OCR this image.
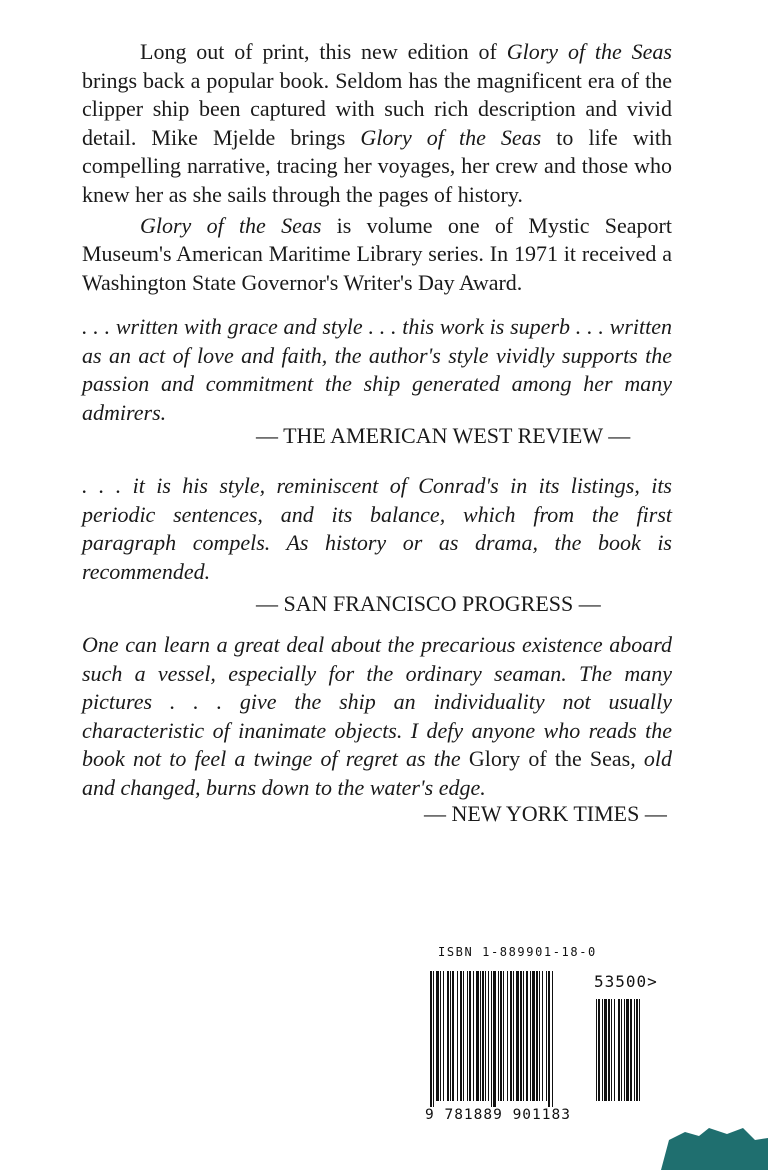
Long out of print, this new edition of Glory of the Seas brings back a popular book. Seldom has the magnificent era of the clipper ship been captured with such rich description and vivid detail. Mike Mjelde brings Glory of the Seas to life with compelling narrative, tracing her voyages, her crew and those who knew her as she sails through the pages of history.

Glory of the Seas is volume one of Mystic Seaport Museum's American Maritime Library series. In 1971 it received a Washington State Governor's Writer's Day Award.

. . . written with grace and style . . . this work is superb . . . written as an act of love and faith, the author's style vividly supports the passion and commitment the ship generated among her many admirers.

— THE AMERICAN WEST REVIEW —

. . . it is his style, reminiscent of Conrad's in its listings, its periodic sentences, and its balance, which from the first paragraph compels. As history or as drama, the book is recommended.

— SAN FRANCISCO PROGRESS —

One can learn a great deal about the precarious existence aboard such a vessel, especially for the ordinary seaman. The many pictures . . . give the ship an individuality not usually characteristic of inanimate objects. I defy anyone who reads the book not to feel a twinge of regret as the Glory of the Seas, old and changed, burns down to the water's edge.

— NEW YORK TIMES —
ISBN 1-889901-18-0
53500>
9 781889 901183
